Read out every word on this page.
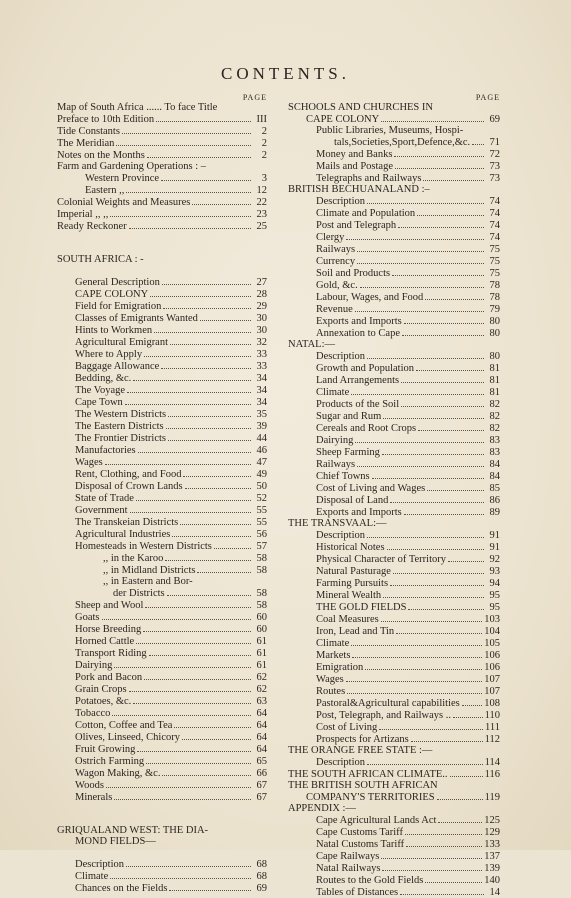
CONTENTS.
PAGE
Map of South Africa ...... To face Title
Preface to 10th Edition	III
Tide Constants	2
The Meridian	2
Notes on the Months	2
Farm and Gardening Operations : –
Western Province	3
Eastern ,,	12
Colonial Weights and Measures	22
Imperial ,, ,,	23
Ready Reckoner	25
SOUTH AFRICA : -
General Description	27
CAPE COLONY	28
Field for Emigration	29
Classes of Emigrants Wanted	30
Hints to Workmen	30
Agricultural Emigrant	32
Where to Apply	33
Baggage Allowance	33
Bedding, &c.	34
The Voyage	34
Cape Town	34
The Western Districts	35
The Eastern Districts	39
The Frontier Districts	44
Manufactories	46
Wages	47
Rent, Clothing, and Food	49
Disposal of Crown Lands	50
State of Trade	52
Government	55
The Transkeian Districts	55
Agricultural Industries	56
Homesteads in Western Districts	57
,, in the Karoo	58
,, in Midland Districts	58
,, in Eastern and Bor-
der Districts	58
Sheep and Wool	58
Goats	60
Horse Breeding	60
Horned Cattle	61
Transport Riding	61
Dairying	61
Pork and Bacon	62
Grain Crops	62
Potatoes, &c.	63
Tobacco	64
Cotton, Coffee and Tea	64
Olives, Linseed, Chicory	64
Fruit Growing	64
Ostrich Farming	65
Wagon Making, &c.	66
Woods	67
Minerals	67
GRIQUALAND WEST: THE DIA-
MOND FIELDS—
Description	68
Climate	68
Chances on the Fields	69
PAGE
SCHOOLS AND CHURCHES IN
CAPE COLONY	69
Public Libraries, Museums, Hospi-
tals,Societies,Sport,Defence,&c.	71
Money and Banks	72
Mails and Postage	73
Telegraphs and Railways	73
BRITISH BECHUANALAND :–
Description	74
Climate and Population	74
Post and Telegraph	74
Clergy	74
Railways	75
Currency	75
Soil and Products	75
Gold, &c.	78
Labour, Wages, and Food	78
Revenue	79
Exports and Imports	80
Annexation to Cape	80
NATAL:—
Description	80
Growth and Population	81
Land Arrangements	81
Climate	81
Products of the Soil	82
Sugar and Rum	82
Cereals and Root Crops	82
Dairying	83
Sheep Farming	83
Railways	84
Chief Towns	84
Cost of Living and Wages	85
Disposal of Land	86
Exports and Imports	89
THE TRANSVAAL:—
Description	91
Historical Notes	91
Physical Character of Territory	92
Natural Pasturage	93
Farming Pursuits	94
Mineral Wealth	95
THE GOLD FIELDS	95
Coal Measures	103
Iron, Lead and Tin	104
Climate	105
Markets	106
Emigration	106
Wages	107
Routes	107
Pastoral&Agricultural capabilities 108
Post, Telegraph, and Railways ..	110
Cost of Living	111
Prospects for Artizans	112
THE ORANGE FREE STATE :—
Description	114
THE SOUTH AFRICAN CLIMATE..	116
THE BRITISH SOUTH AFRICAN
COMPANY'S TERRITORIES	119
APPENDIX :—
Cape Agricultural Lands Act	125
Cape Customs Tariff	129
Natal Customs Tariff	133
Cape Railways	137
Natal Railways	139
Routes to the Gold Fields	140
Tables of Distances	14
